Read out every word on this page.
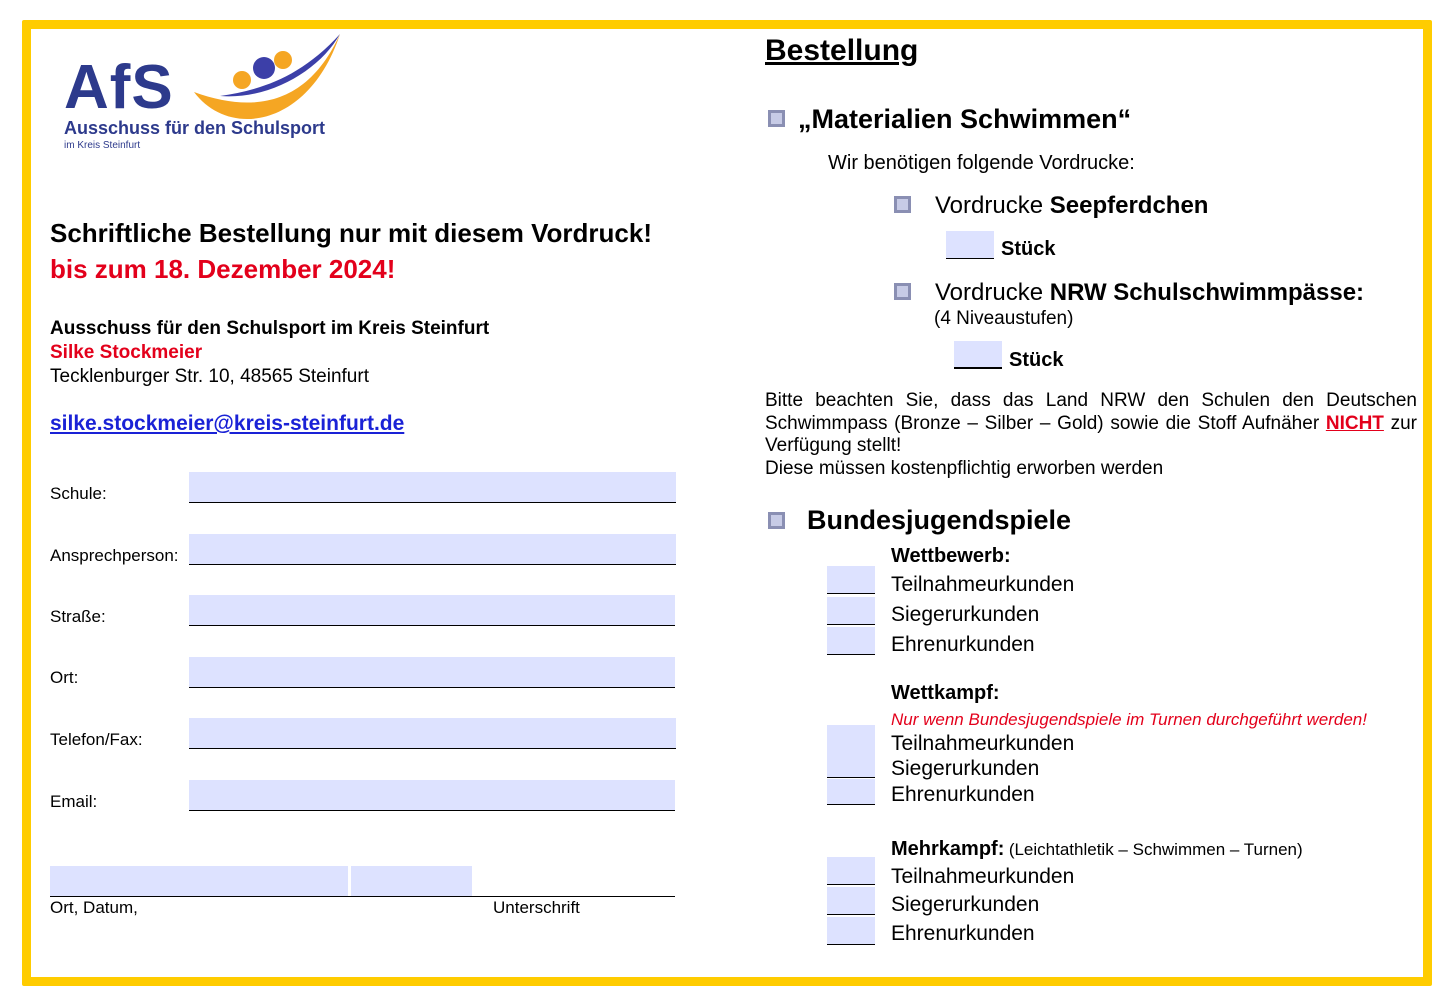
AfS
Ausschuss für den Schulsport
im Kreis Steinfurt
Schriftliche Bestellung nur mit diesem Vordruck!
bis zum 18. Dezember 2024!
Ausschuss für den Schulsport im Kreis Steinfurt
Silke Stockmeier
Tecklenburger Str. 10, 48565 Steinfurt
silke.stockmeier@kreis-steinfurt.de
Schule:
Ansprechperson:
Straße:
Ort:
Telefon/Fax:
Email:
Ort, Datum,	Unterschrift
Bestellung
„Materialien Schwimmen“
Wir benötigen folgende Vordrucke:
Vordrucke Seepferdchen
Stück
Vordrucke NRW Schulschwimmpässe:
(4 Niveaustufen)
Stück
Bitte beachten Sie, dass das Land NRW den Schulen den Deutschen Schwimmpass (Bronze – Silber – Gold) sowie die Stoff Aufnäher NICHT zur Verfügung stellt!
Diese müssen kostenpflichtig erworben werden
Bundesjugendspiele
Wettbewerb:
Teilnahmeurkunden
Siegerurkunden
Ehrenurkunden
Wettkampf:
Nur wenn Bundesjugendspiele im Turnen durchgeführt werden!
Teilnahmeurkunden
Siegerurkunden
Ehrenurkunden
Mehrkampf: (Leichtathletik – Schwimmen – Turnen)
Teilnahmeurkunden
Siegerurkunden
Ehrenurkunden
